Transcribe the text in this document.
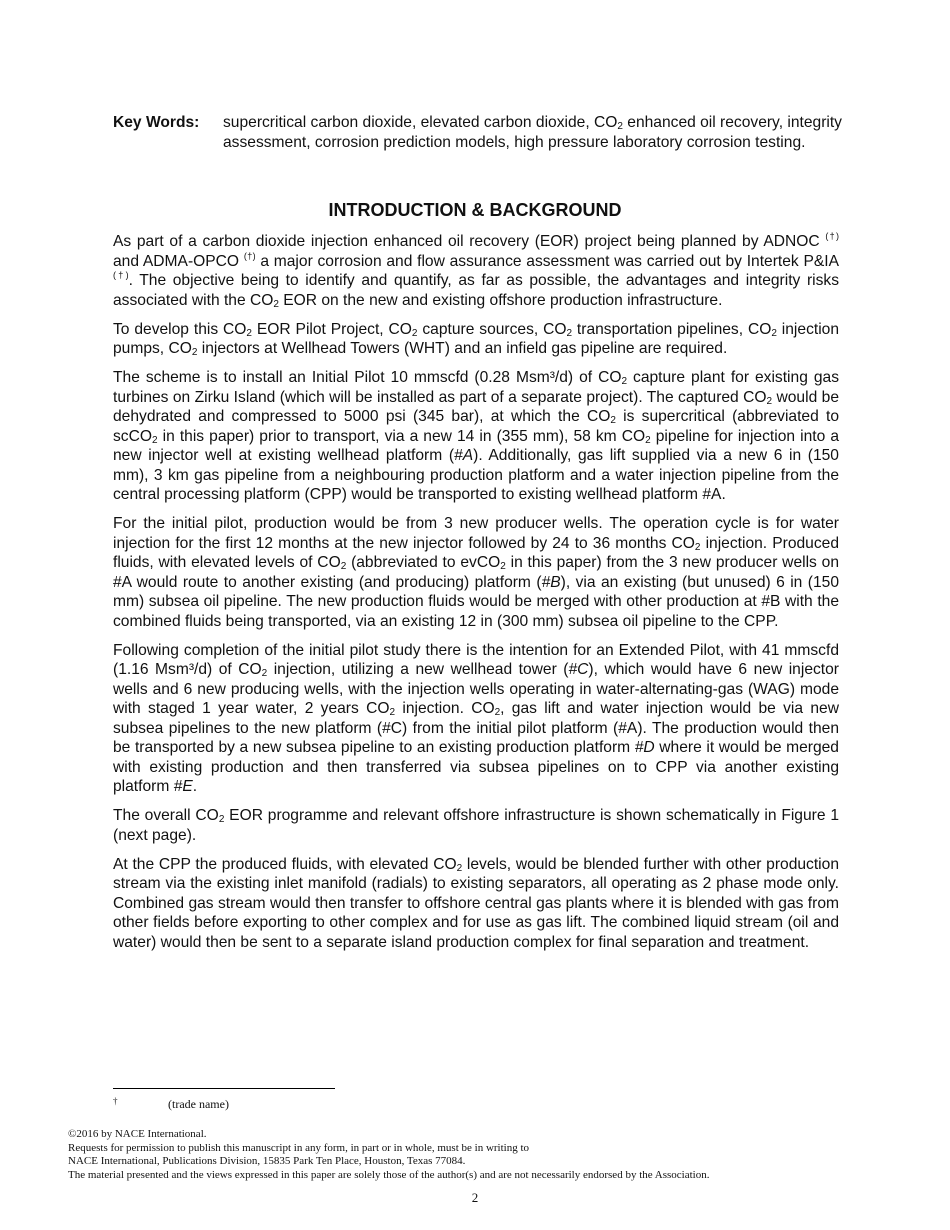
Key Words:	supercritical carbon dioxide, elevated carbon dioxide, $CO_2$ enhanced oil recovery, integrity assessment, corrosion prediction models, high pressure laboratory corrosion testing.
INTRODUCTION & BACKGROUND

As part of a carbon dioxide injection enhanced oil recovery (EOR) project being planned by ADNOC (†) and ADMA-OPCO (†) a major corrosion and flow assurance assessment was carried out by Intertek P&IA (†). The objective being to identify and quantify, as far as possible, the advantages and integrity risks associated with the $CO_2$ EOR on the new and existing offshore production infrastructure.

To develop this $CO_2$ EOR Pilot Project, $CO_2$ capture sources, $CO_2$ transportation pipelines, $CO_2$ injection pumps, $CO_2$ injectors at Wellhead Towers (WHT) and an infield gas pipeline are required.

The scheme is to install an Initial Pilot 10 mmscfd (0.28 Msm³/d) of $CO_2$ capture plant for existing gas turbines on Zirku Island (which will be installed as part of a separate project). The captured $CO_2$ would be dehydrated and compressed to 5000 psi (345 bar), at which the $CO_2$ is supercritical (abbreviated to scCO$_2$ in this paper) prior to transport, via a new 14 in (355 mm), 58 km $CO_2$ pipeline for injection into a new injector well at existing wellhead platform (#A). Additionally, gas lift supplied via a new 6 in (150 mm), 3 km gas pipeline from a neighbouring production platform and a water injection pipeline from the central processing platform (CPP) would be transported to existing wellhead platform #A.

For the initial pilot, production would be from 3 new producer wells. The operation cycle is for water injection for the first 12 months at the new injector followed by 24 to 36 months $CO_2$ injection. Produced fluids, with elevated levels of $CO_2$ (abbreviated to evCO$_2$ in this paper) from the 3 new producer wells on #A would route to another existing (and producing) platform (#B), via an existing (but unused) 6 in (150 mm) subsea oil pipeline. The new production fluids would be merged with other production at #B with the combined fluids being transported, via an existing 12 in (300 mm) subsea oil pipeline to the CPP.

Following completion of the initial pilot study there is the intention for an Extended Pilot, with 41 mmscfd (1.16 Msm³/d) of $CO_2$ injection, utilizing a new wellhead tower (#C), which would have 6 new injector wells and 6 new producing wells, with the injection wells operating in water-alternating-gas (WAG) mode with staged 1 year water, 2 years $CO_2$ injection. $CO_2$, gas lift and water injection would be via new subsea pipelines to the new platform (#C) from the initial pilot platform (#A). The production would then be transported by a new subsea pipeline to an existing production platform #D where it would be merged with existing production and then transferred via subsea pipelines on to CPP via another existing platform #E.

The overall $CO_2$ EOR programme and relevant offshore infrastructure is shown schematically in Figure 1 (next page).

At the CPP the produced fluids, with elevated $CO_2$ levels, would be blended further with other production stream via the existing inlet manifold (radials) to existing separators, all operating as 2 phase mode only. Combined gas stream would then transfer to offshore central gas plants where it is blended with gas from other fields before exporting to other complex and for use as gas lift. The combined liquid stream (oil and water) would then be sent to a separate island production complex for final separation and treatment.

†	(trade name)
©2016 by NACE International.
Requests for permission to publish this manuscript in any form, in part or in whole, must be in writing to
NACE International, Publications Division, 15835 Park Ten Place, Houston, Texas 77084.
The material presented and the views expressed in this paper are solely those of the author(s) and are not necessarily endorsed by the Association.
2
